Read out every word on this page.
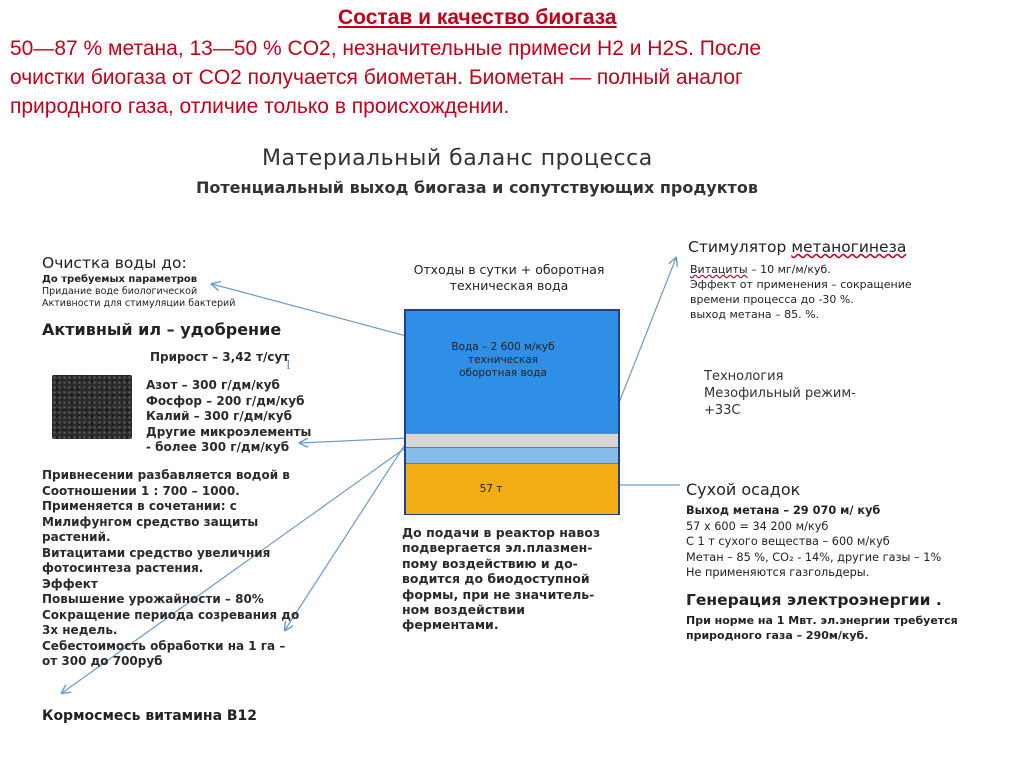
Состав и качество биогаза
50—87 % метана, 13—50 % CO2, незначительные примеси H2 и H2S. После
очистки биогаза от CO2 получается биометан. Биометан — полный аналог
природного газа, отличие только в происхождении.
Материальный баланс процесса
Потенциальный выход биогаза и сопутствующих продуктов
Отходы в сутки + оборотная
техническая вода
Вода – 2 600 м/куб
техническая
оборотная вода
57 т
До подачи в реактор навоз
подвергается эл.плазмен-
пому воздействию и до-
водится до биодоступной
формы, при не значитель-
ном воздействии
ферментами.
Очистка воды до:
До требуемых параметров
Придание воде биологической
Активности для стимуляции бактерий
Активный ил – удобрение
Прирост – 3,42 т/сут
I
Азот – 300 г/дм/куб
Фосфор – 200 г/дм/куб
Калий – 300 г/дм/куб
Другие микроэлементы
- более 300 г/дм/куб
Привнесении разбавляется водой в
Соотношении 1 : 700 – 1000.
Применяется в сочетании: с
Милифунгом средство защиты
растений.
Витацитами средство увеличния
фотосинтеза растения.
Эффект
Повышение урожайности – 80%
Сокращение периода созревания до
3х недель.
Себестоимость обработки на 1 га –
от 300 до 700руб
Кормосмесь витамина В12
Стимулятор метаногинеза
Витациты – 10 мг/м/куб.
Эффект от применения – сокращение
времени процесса до -30 %.
выход метана – 85. %.
Технология
Мезофильный режим-
+33С
Сухой осадок
Выход метана – 29 070 м/ куб
57 х 600 = 34 200 м/куб
С 1 т сухого вещества – 600 м/куб
Метан – 85 %, CO₂ - 14%, другие газы – 1%
Не применяются газгольдеры.
Генерация электроэнергии .
При норме на 1 Мвт. эл.энергии требуется
природного газа – 290м/куб.
